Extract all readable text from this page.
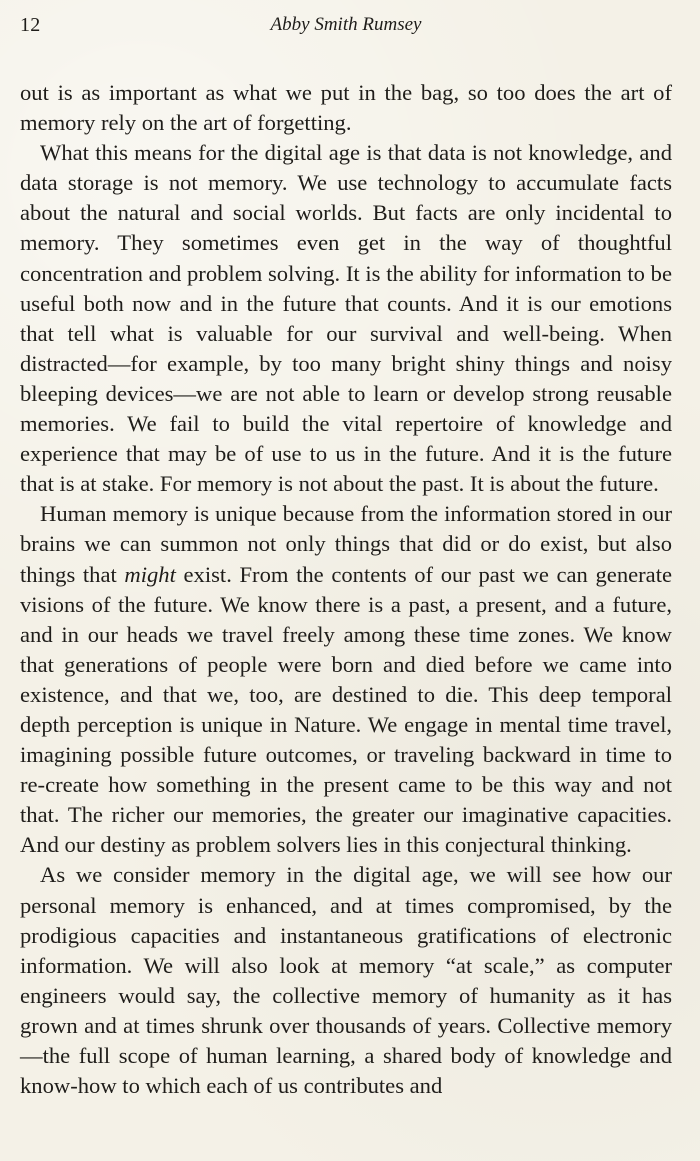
12	Abby Smith Rumsey

out is as important as what we put in the bag, so too does the art of memory rely on the art of forgetting.

What this means for the digital age is that data is not knowledge, and data storage is not memory. We use technology to accumulate facts about the natural and social worlds. But facts are only incidental to memory. They sometimes even get in the way of thoughtful concentration and problem solving. It is the ability for information to be useful both now and in the future that counts. And it is our emotions that tell what is valuable for our survival and well-being. When distracted—for example, by too many bright shiny things and noisy bleeping devices—we are not able to learn or develop strong reusable memories. We fail to build the vital repertoire of knowledge and experience that may be of use to us in the future. And it is the future that is at stake. For memory is not about the past. It is about the future.

Human memory is unique because from the information stored in our brains we can summon not only things that did or do exist, but also things that might exist. From the contents of our past we can generate visions of the future. We know there is a past, a present, and a future, and in our heads we travel freely among these time zones. We know that generations of people were born and died before we came into existence, and that we, too, are destined to die. This deep temporal depth perception is unique in Nature. We engage in mental time travel, imagining possible future outcomes, or traveling backward in time to re-create how something in the present came to be this way and not that. The richer our memories, the greater our imaginative capacities. And our destiny as problem solvers lies in this conjectural thinking.

As we consider memory in the digital age, we will see how our personal memory is enhanced, and at times compromised, by the prodigious capacities and instantaneous gratifications of electronic information. We will also look at memory “at scale,” as computer engineers would say, the collective memory of humanity as it has grown and at times shrunk over thousands of years. Collective memory—the full scope of human learning, a shared body of knowledge and know-how to which each of us contributes and
